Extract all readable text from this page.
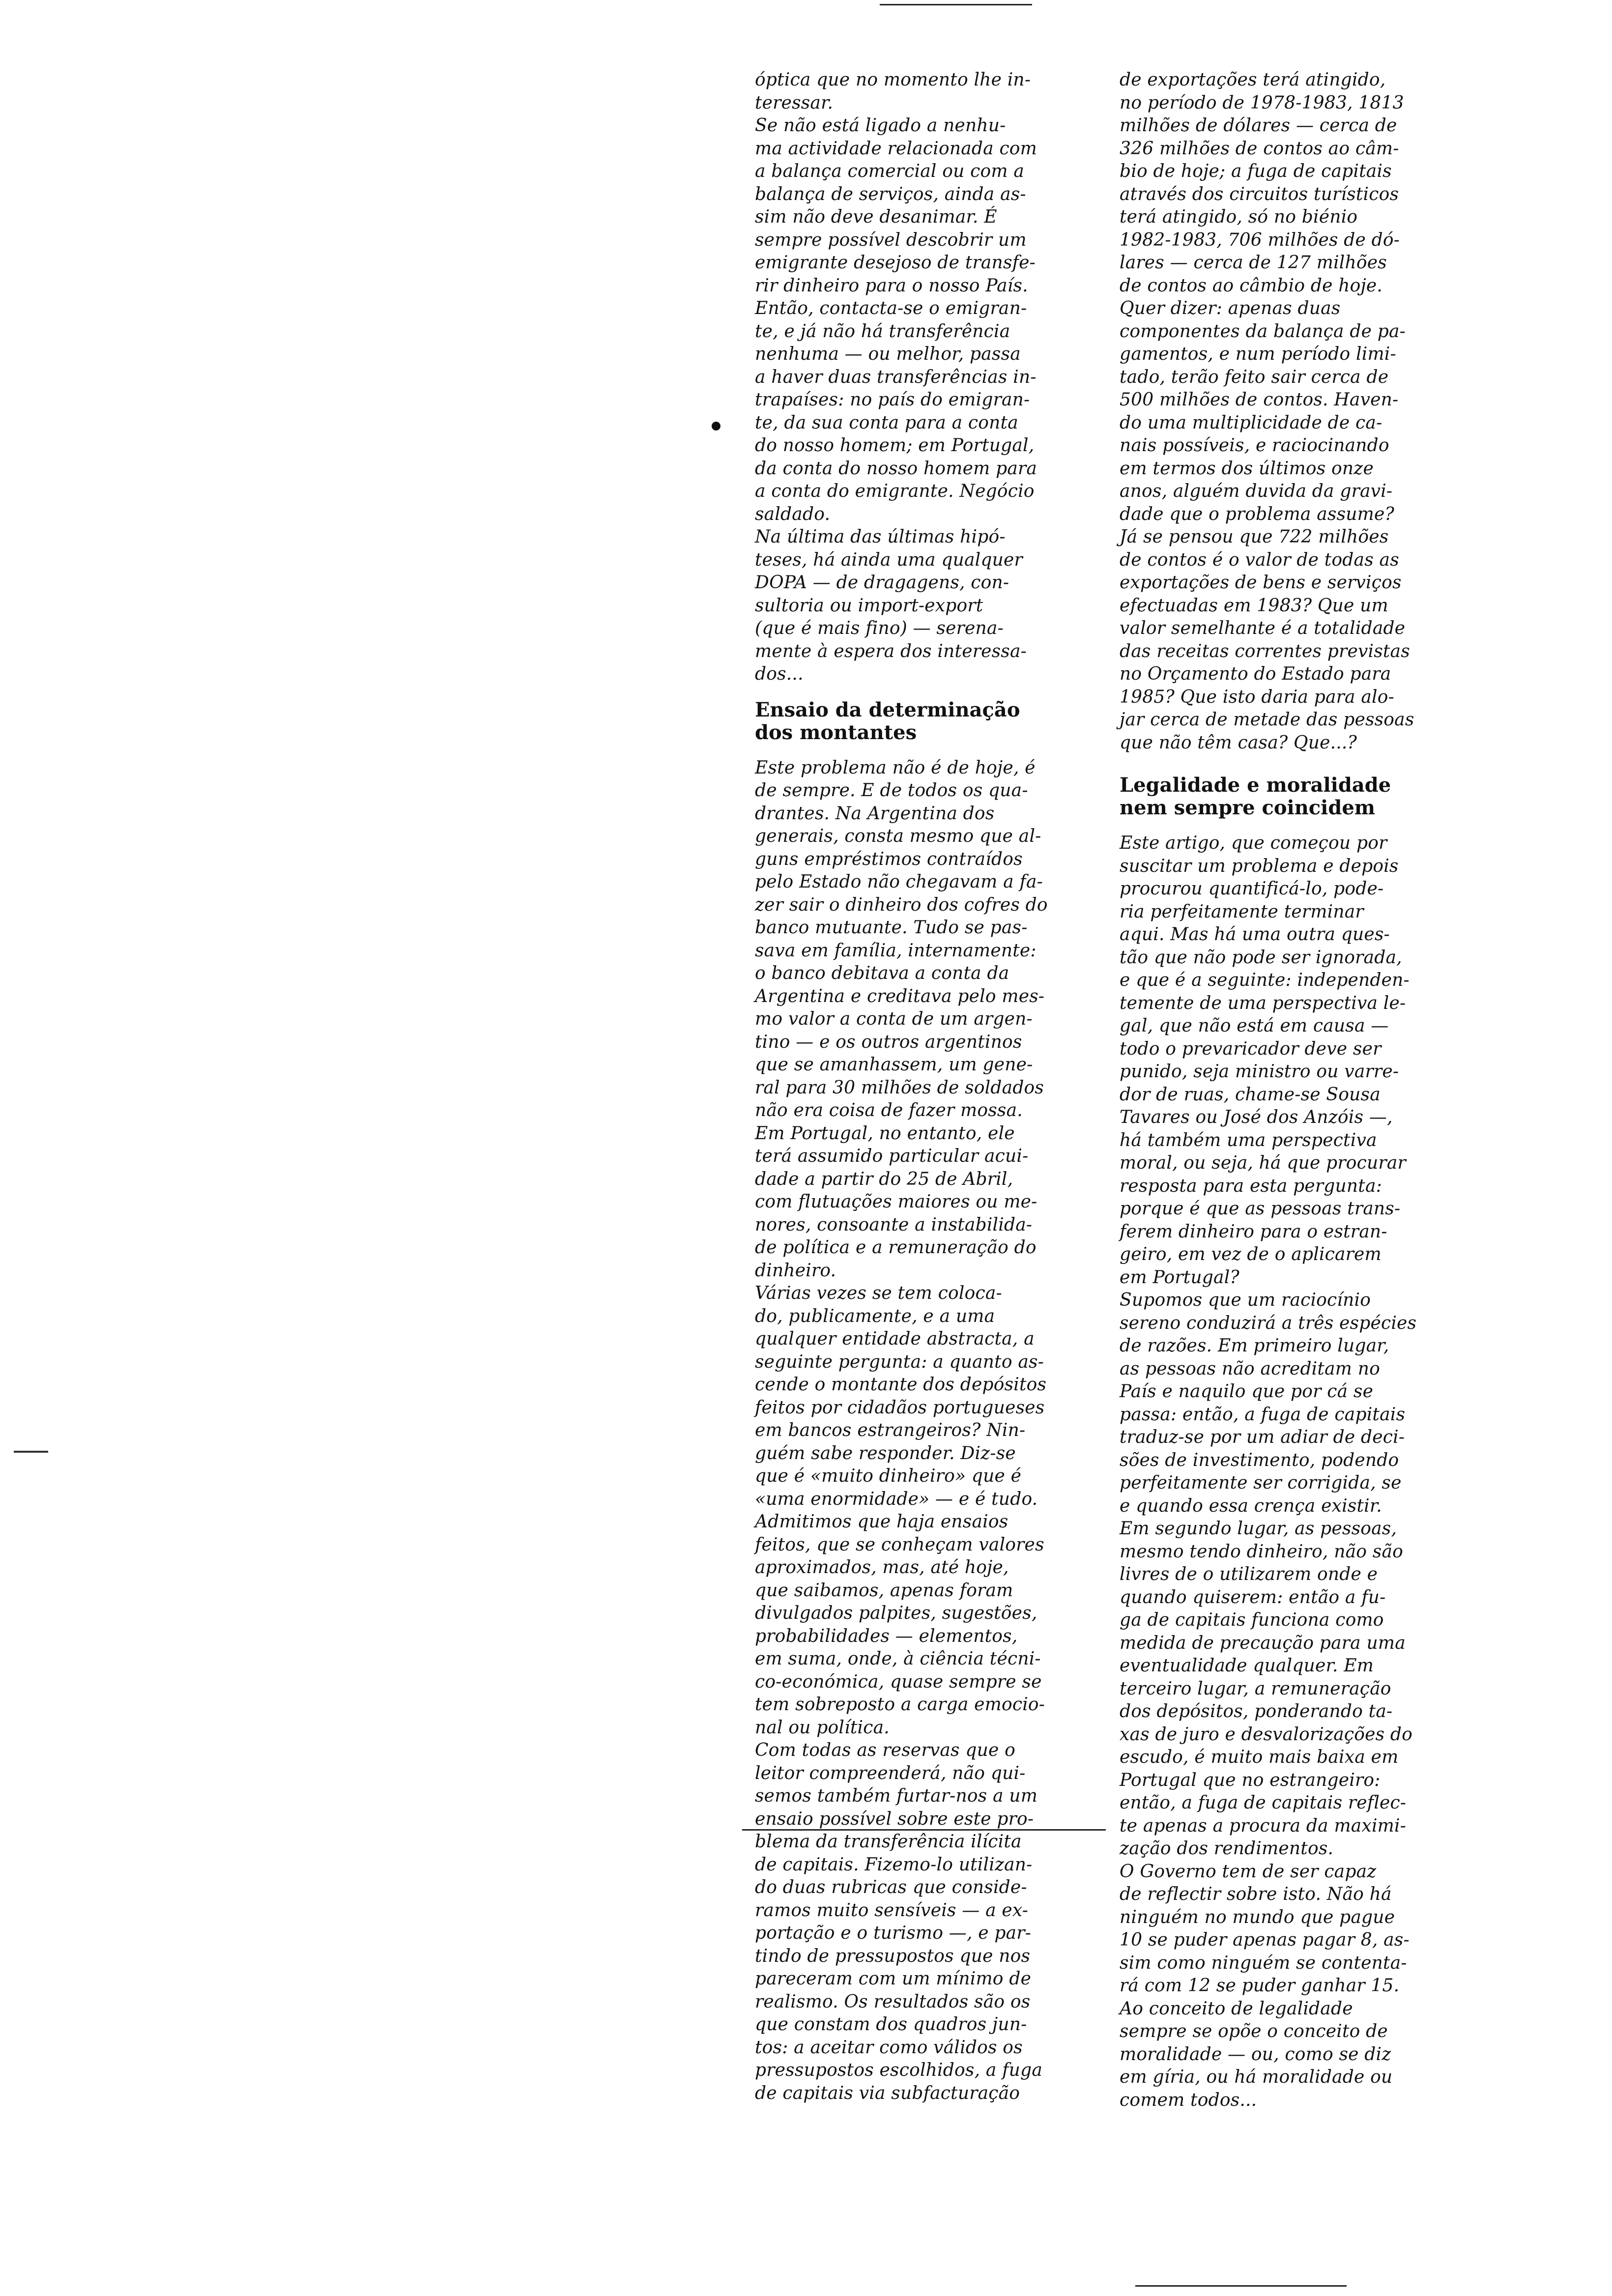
óptica que no momento lhe in-
teressar.

Se não está ligado a nenhu-
ma actividade relacionada com
a balança comercial ou com a
balança de serviços, ainda as-
sim não deve desanimar. É
sempre possível descobrir um
emigrante desejoso de transfe-
rir dinheiro para o nosso País.
Então, contacta-se o emigran-
te, e já não há transferência
nenhuma — ou melhor, passa
a haver duas transferências in-
trapaíses: no país do emigran-
te, da sua conta para a conta
do nosso homem; em Portugal,
da conta do nosso homem para
a conta do emigrante. Negócio
saldado.

Na última das últimas hipó-
teses, há ainda uma qualquer
DOPA — de dragagens, con-
sultoria ou import-export
(que é mais fino) — serena-
mente à espera dos interessa-
dos...

Ensaio da determinação
dos montantes

Este problema não é de hoje, é
de sempre. E de todos os qua-
drantes. Na Argentina dos
generais, consta mesmo que al-
guns empréstimos contraídos
pelo Estado não chegavam a fa-
zer sair o dinheiro dos cofres do
banco mutuante. Tudo se pas-
sava em família, internamente:
o banco debitava a conta da
Argentina e creditava pelo mes-
mo valor a conta de um argen-
tino — e os outros argentinos
que se amanhassem, um gene-
ral para 30 milhões de soldados
não era coisa de fazer mossa.

Em Portugal, no entanto, ele
terá assumido particular acui-
dade a partir do 25 de Abril,
com flutuações maiores ou me-
nores, consoante a instabilida-
de política e a remuneração do
dinheiro.

Várias vezes se tem coloca-
do, publicamente, e a uma
qualquer entidade abstracta, a
seguinte pergunta: a quanto as-
cende o montante dos depósitos
feitos por cidadãos portugueses
em bancos estrangeiros? Nin-
guém sabe responder. Diz-se
que é «muito dinheiro» que é
«uma enormidade» — e é tudo.
Admitimos que haja ensaios
feitos, que se conheçam valores
aproximados, mas, até hoje,
que saibamos, apenas foram
divulgados palpites, sugestões,
probabilidades — elementos,
em suma, onde, à ciência técni-
co-económica, quase sempre se
tem sobreposto a carga emocio-
nal ou política.

Com todas as reservas que o
leitor compreenderá, não qui-
semos também furtar-nos a um
ensaio possível sobre este pro-
blema da transferência ilícita
de capitais. Fizemo-lo utilizan-
do duas rubricas que conside-
ramos muito sensíveis — a ex-
portação e o turismo —, e par-
tindo de pressupostos que nos
pareceram com um mínimo de
realismo. Os resultados são os
que constam dos quadros jun-
tos: a aceitar como válidos os
pressupostos escolhidos, a fuga
de capitais via subfacturação

de exportações terá atingido,
no período de 1978-1983, 1813
milhões de dólares — cerca de
326 milhões de contos ao câm-
bio de hoje; a fuga de capitais
através dos circuitos turísticos
terá atingido, só no biénio
1982-1983, 706 milhões de dó-
lares — cerca de 127 milhões
de contos ao câmbio de hoje.

Quer dizer: apenas duas
componentes da balança de pa-
gamentos, e num período limi-
tado, terão feito sair cerca de
500 milhões de contos. Haven-
do uma multiplicidade de ca-
nais possíveis, e raciocinando
em termos dos últimos onze
anos, alguém duvida da gravi-
dade que o problema assume?
Já se pensou que 722 milhões
de contos é o valor de todas as
exportações de bens e serviços
efectuadas em 1983? Que um
valor semelhante é a totalidade
das receitas correntes previstas
no Orçamento do Estado para
1985? Que isto daria para alo-
jar cerca de metade das pessoas
que não têm casa? Que...?

Legalidade e moralidade
nem sempre coincidem

Este artigo, que começou por
suscitar um problema e depois
procurou quantificá-lo, pode-
ria perfeitamente terminar
aqui. Mas há uma outra ques-
tão que não pode ser ignorada,
e que é a seguinte: independen-
temente de uma perspectiva le-
gal, que não está em causa —
todo o prevaricador deve ser
punido, seja ministro ou varre-
dor de ruas, chame-se Sousa
Tavares ou José dos Anzóis —,
há também uma perspectiva
moral, ou seja, há que procurar
resposta para esta pergunta:
porque é que as pessoas trans-
ferem dinheiro para o estran-
geiro, em vez de o aplicarem
em Portugal?

Supomos que um raciocínio
sereno conduzirá a três espécies
de razões. Em primeiro lugar,
as pessoas não acreditam no
País e naquilo que por cá se
passa: então, a fuga de capitais
traduz-se por um adiar de deci-
sões de investimento, podendo
perfeitamente ser corrigida, se
e quando essa crença existir.
Em segundo lugar, as pessoas,
mesmo tendo dinheiro, não são
livres de o utilizarem onde e
quando quiserem: então a fu-
ga de capitais funciona como
medida de precaução para uma
eventualidade qualquer. Em
terceiro lugar, a remuneração
dos depósitos, ponderando ta-
xas de juro e desvalorizações do
escudo, é muito mais baixa em
Portugal que no estrangeiro:
então, a fuga de capitais reflec-
te apenas a procura da maximi-
zação dos rendimentos.

O Governo tem de ser capaz
de reflectir sobre isto. Não há
ninguém no mundo que pague
10 se puder apenas pagar 8, as-
sim como ninguém se contenta-
rá com 12 se puder ganhar 15.
Ao conceito de legalidade
sempre se opõe o conceito de
moralidade — ou, como se diz
em gíria, ou há moralidade ou
comem todos...
